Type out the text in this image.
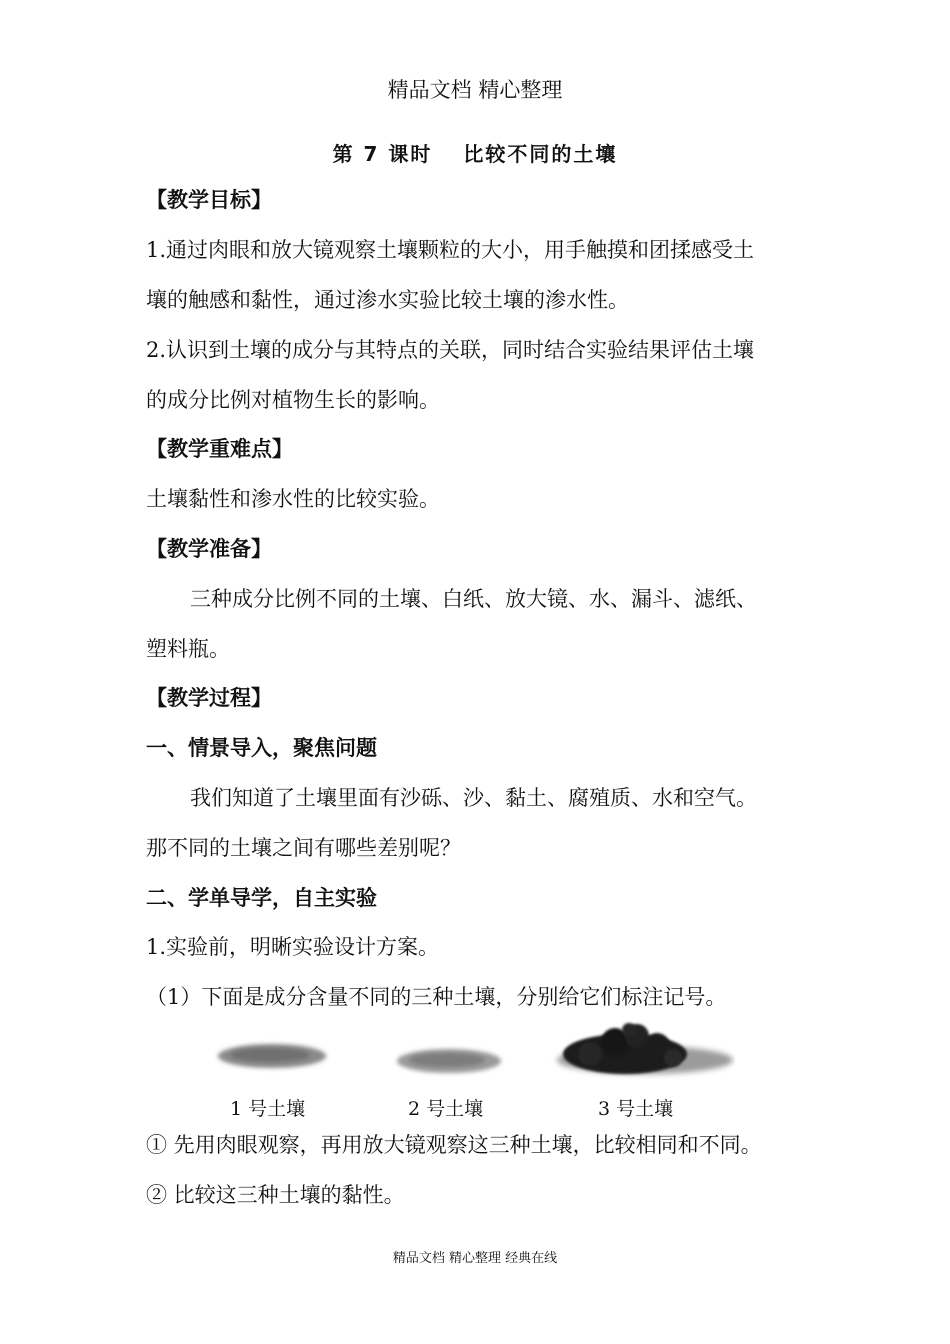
精品文档 精心整理
第 7 课时　 比较不同的土壤
【教学目标】
1.通过肉眼和放大镜观察土壤颗粒的大小，用手触摸和团揉感受土
壤的触感和黏性，通过渗水实验比较土壤的渗水性。
2.认识到土壤的成分与其特点的关联，同时结合实验结果评估土壤
的成分比例对植物生长的影响。
【教学重难点】
土壤黏性和渗水性的比较实验。
【教学准备】
三种成分比例不同的土壤、白纸、放大镜、水、漏斗、滤纸、
塑料瓶。
【教学过程】
一、情景导入，聚焦问题
我们知道了土壤里面有沙砾、沙、黏土、腐殖质、水和空气。
那不同的土壤之间有哪些差别呢？
二、学单导学，自主实验
1.实验前，明晰实验设计方案。
（1）下面是成分含量不同的三种土壤，分别给它们标注记号。
1 号土壤	2 号土壤	3 号土壤
① 先用肉眼观察，再用放大镜观察这三种土壤，比较相同和不同。
② 比较这三种土壤的黏性。
精品文档 精心整理 经典在线
